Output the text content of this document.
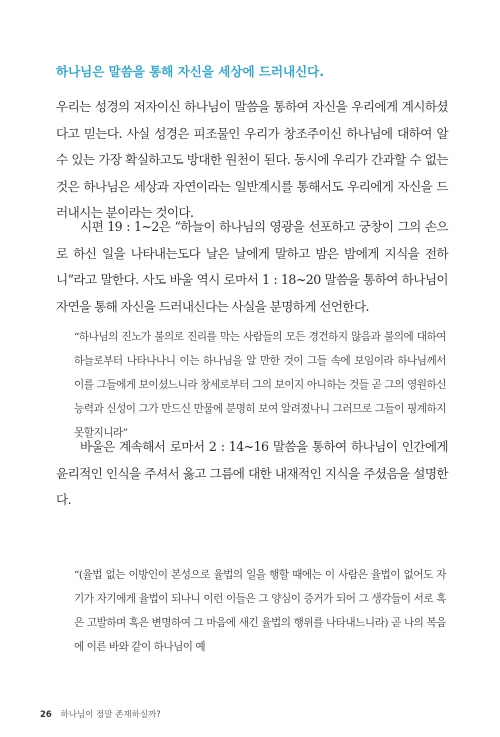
하나님은 말씀을 통해 자신을 세상에 드러내신다.

우리는 성경의 저자이신 하나님이 말씀을 통하여 자신을 우리에게 계시하셨다고 믿는다. 사실 성경은 피조물인 우리가 창조주이신 하나님에 대하여 알 수 있는 가장 확실하고도 방대한 원천이 된다. 동시에 우리가 간과할 수 없는 것은 하나님은 세상과 자연이라는 일반계시를 통해서도 우리에게 자신을 드러내시는 분이라는 것이다.

시편 19 : 1~2은 “하늘이 하나님의 영광을 선포하고 궁창이 그의 손으로 하신 일을 나타내는도다 날은 날에게 말하고 밤은 밤에게 지식을 전하니”라고 말한다. 사도 바울 역시 로마서 1 : 18~20 말씀을 통하여 하나님이 자연을 통해 자신을 드러내신다는 사실을 분명하게 선언한다.

“하나님의 진노가 불의로 진리를 막는 사람들의 모든 경건하지 않음과 불의에 대하여 하늘로부터 나타나나니 이는 하나님을 알 만한 것이 그들 속에 보임이라 하나님께서 이를 그들에게 보이셨느니라 창세로부터 그의 보이지 아니하는 것들 곧 그의 영원하신 능력과 신성이 그가 만드신 만물에 분명히 보여 알려졌나니 그러므로 그들이 핑계하지 못할지니라”

바울은 계속해서 로마서 2 : 14~16 말씀을 통하여 하나님이 인간에게 윤리적인 인식을 주셔서 옳고 그름에 대한 내재적인 지식을 주셨음을 설명한다.

“(율법 없는 이방인이 본성으로 율법의 일을 행할 때에는 이 사람은 율법이 없어도 자기가 자기에게 율법이 되나니 이런 이들은 그 양심이 증거가 되어 그 생각들이 서로 혹은 고발하며 혹은 변명하여 그 마음에 새긴 율법의 행위를 나타내느니라) 곧 나의 복음에 이른 바와 같이 하나님이 예

26 하나님이 정말 존재하실까?
